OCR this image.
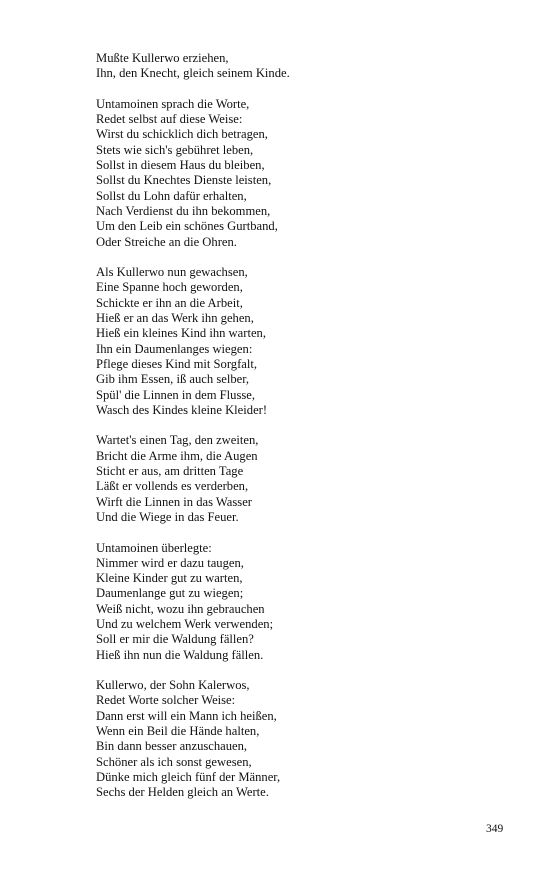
Mußte Kullerwo erziehen,
Ihn, den Knecht, gleich seinem Kinde.
Untamoinen sprach die Worte,
Redet selbst auf diese Weise:
Wirst du schicklich dich betragen,
Stets wie sich's gebühret leben,
Sollst in diesem Haus du bleiben,
Sollst du Knechtes Dienste leisten,
Sollst du Lohn dafür erhalten,
Nach Verdienst du ihn bekommen,
Um den Leib ein schönes Gurtband,
Oder Streiche an die Ohren.
Als Kullerwo nun gewachsen,
Eine Spanne hoch geworden,
Schickte er ihn an die Arbeit,
Hieß er an das Werk ihn gehen,
Hieß ein kleines Kind ihn warten,
Ihn ein Daumenlanges wiegen:
Pflege dieses Kind mit Sorgfalt,
Gib ihm Essen, iß auch selber,
Spül' die Linnen in dem Flusse,
Wasch des Kindes kleine Kleider!
Wartet's einen Tag, den zweiten,
Bricht die Arme ihm, die Augen
Sticht er aus, am dritten Tage
Läßt er vollends es verderben,
Wirft die Linnen in das Wasser
Und die Wiege in das Feuer.
Untamoinen überlegte:
Nimmer wird er dazu taugen,
Kleine Kinder gut zu warten,
Daumenlange gut zu wiegen;
Weiß nicht, wozu ihn gebrauchen
Und zu welchem Werk verwenden;
Soll er mir die Waldung fällen?
Hieß ihn nun die Waldung fällen.
Kullerwo, der Sohn Kalerwos,
Redet Worte solcher Weise:
Dann erst will ein Mann ich heißen,
Wenn ein Beil die Hände halten,
Bin dann besser anzuschauen,
Schöner als ich sonst gewesen,
Dünke mich gleich fünf der Männer,
Sechs der Helden gleich an Werte.
349
